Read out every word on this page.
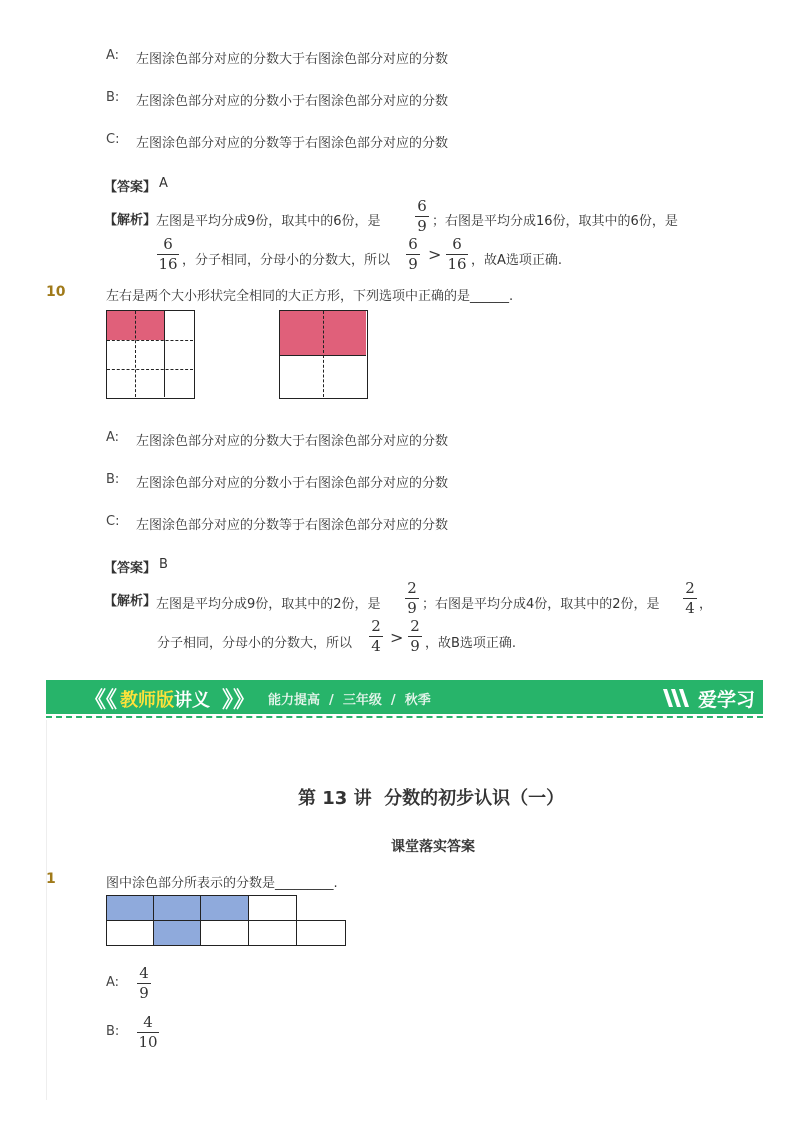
A: 左图涂色部分对应的分数大于右图涂色部分对应的分数
B: 左图涂色部分对应的分数小于右图涂色部分对应的分数
C: 左图涂色部分对应的分数等于右图涂色部分对应的分数
【答案】 A
【解析】 左图是平均分成9份，取其中的6份，是
6
9 ；右图是平均分成16份，取其中的6份，是
6
16 ，分子相同，分母小的分数大，所以
6
9 >
6
16 ，故A选项正确.
10	左右是两个大小形状完全相同的大正方形，下列选项中正确的是______.
A: 左图涂色部分对应的分数大于右图涂色部分对应的分数
B: 左图涂色部分对应的分数小于右图涂色部分对应的分数
C: 左图涂色部分对应的分数等于右图涂色部分对应的分数
【答案】 B
【解析】 左图是平均分成9份，取其中的2份，是
2
9 ；右图是平均分成4份，取其中的2份，是
2
4 ，
分子相同，分母小的分数大，所以
2
4 >
2
9 ，故B选项正确.
《《 教师版 讲义 》》 能力提高  /  三年级  /  秋季	爱学习
第 13 讲  分数的初步认识（一）
课堂落实答案
1	图中涂色部分所表示的分数是_________.
A:
4
9
B:
4
10
